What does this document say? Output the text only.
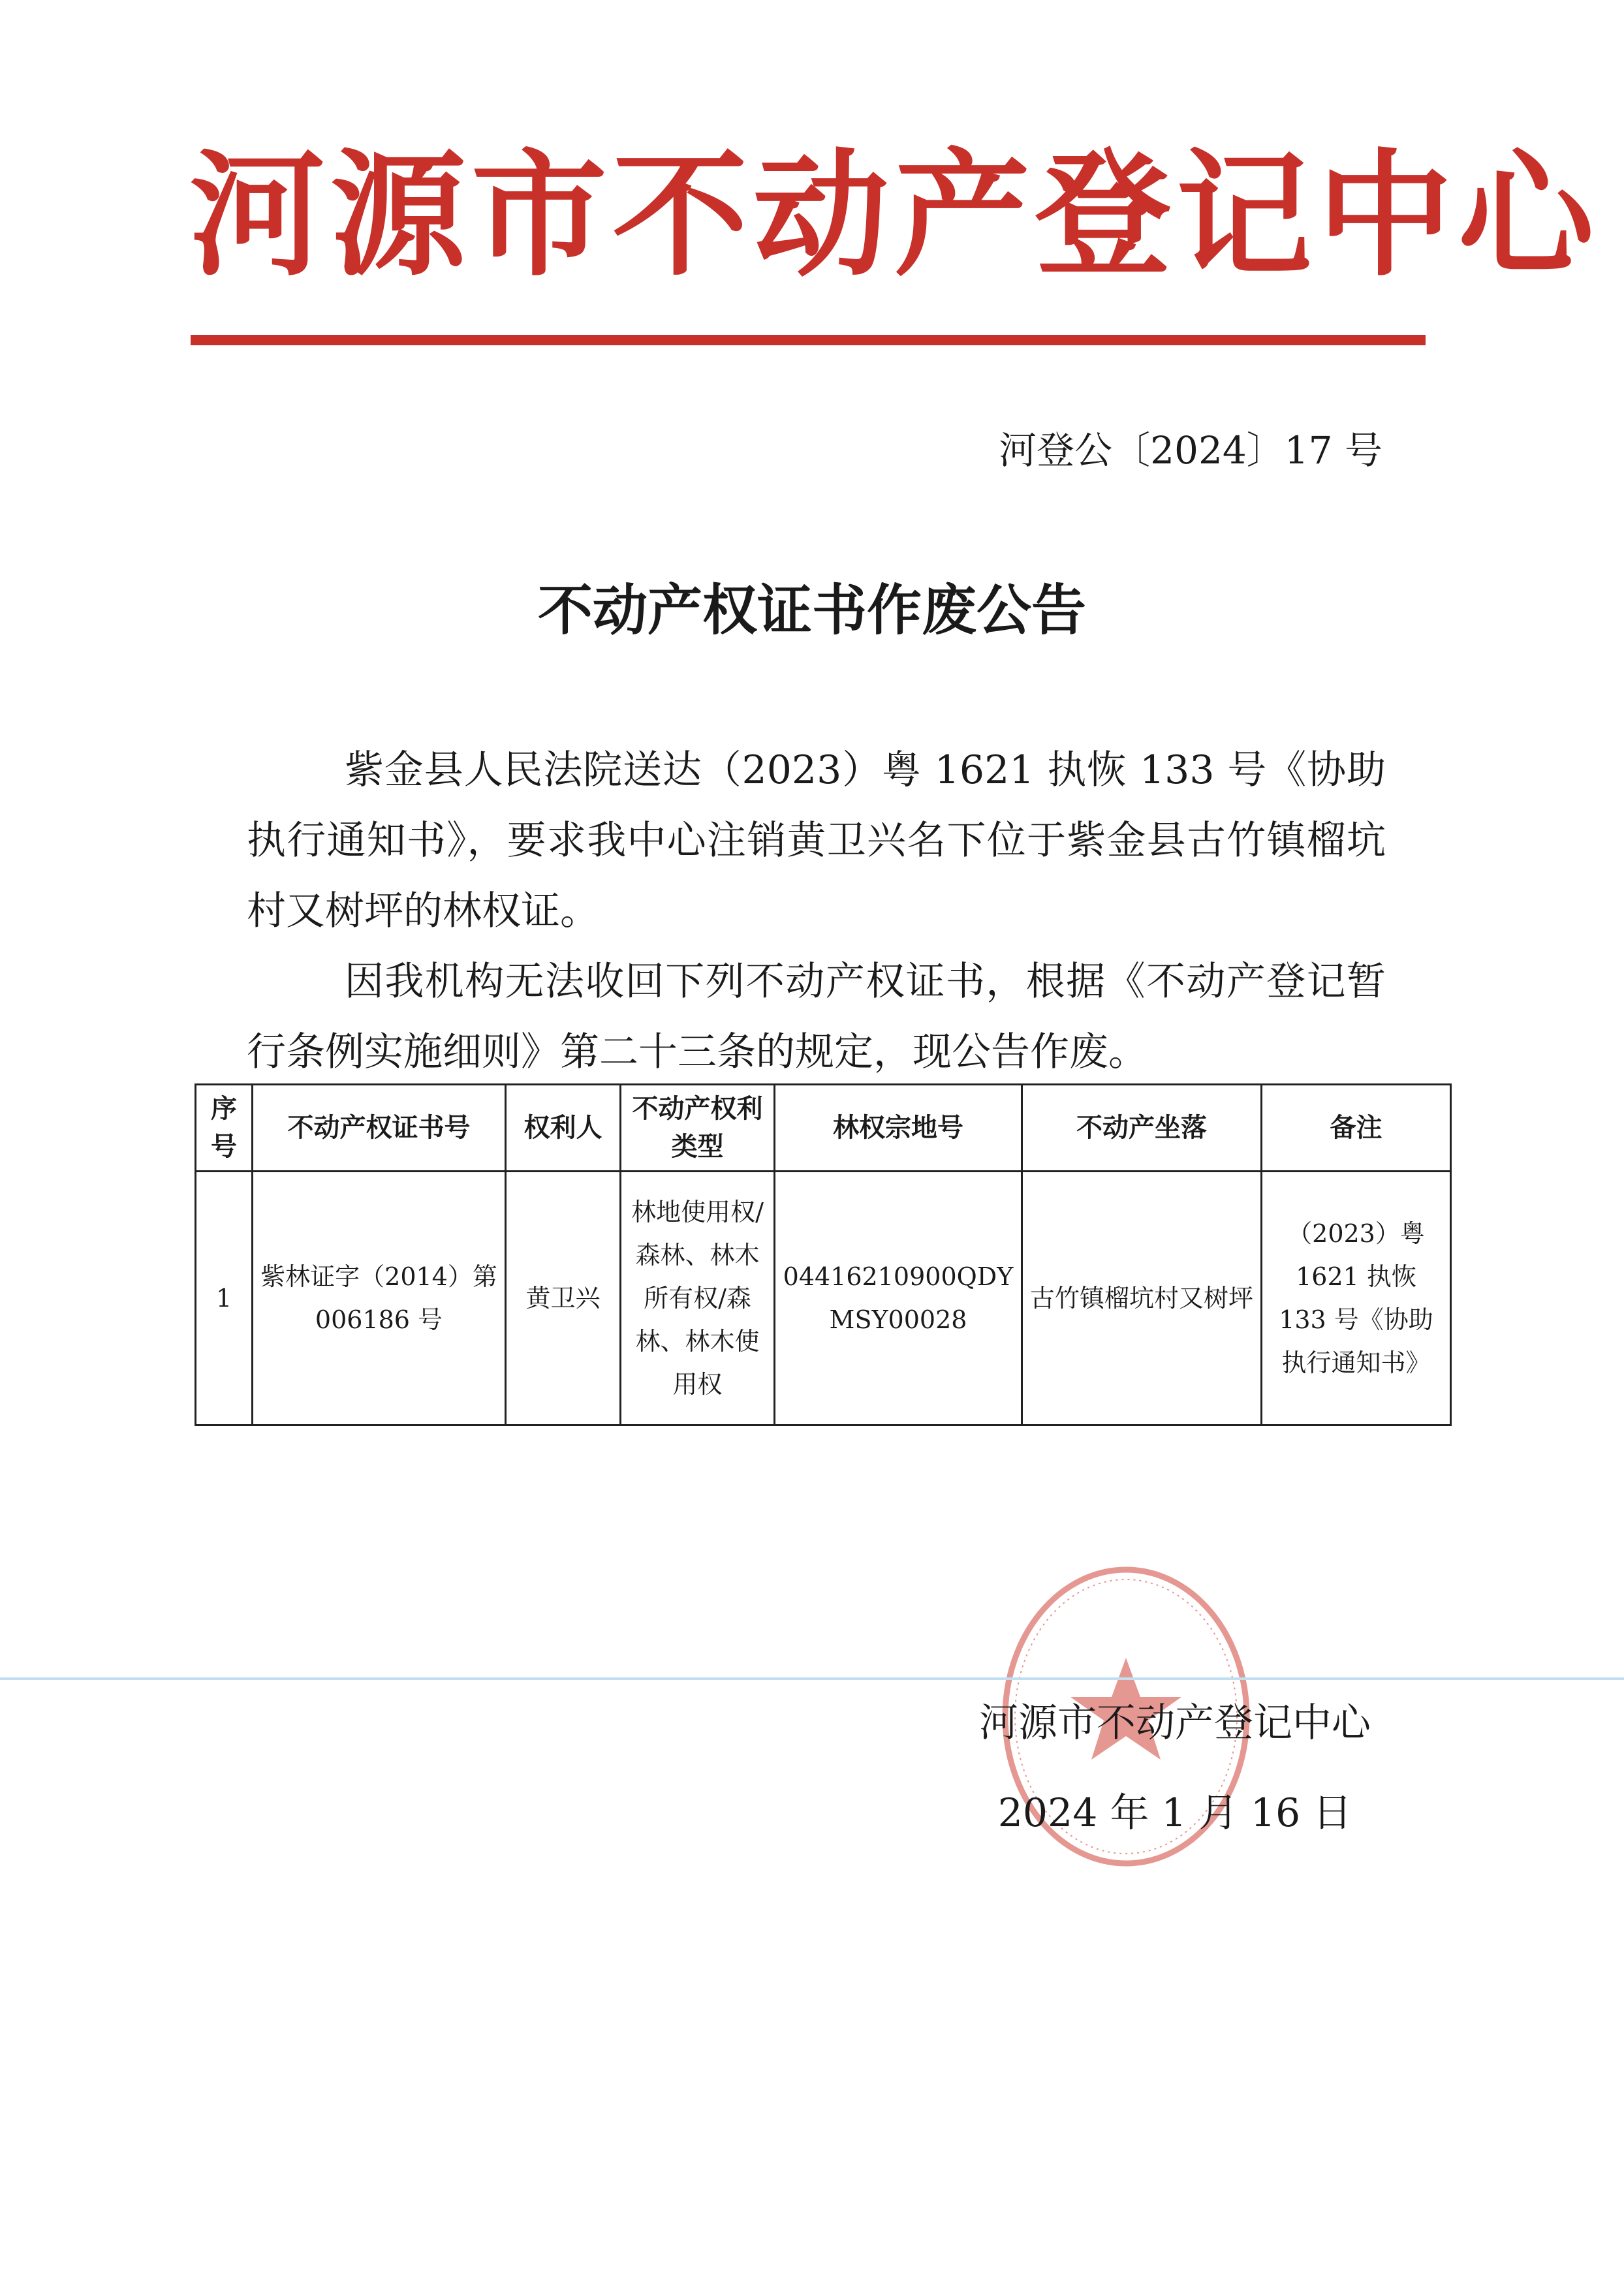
河源市不动产登记中心
河登公〔2024〕17 号
不动产权证书作废公告

紫金县人民法院送达（2023）粤 1621 执恢 133 号《协助执行通知书》，要求我中心注销黄卫兴名下位于紫金县古竹镇榴坑村又树坪的林权证。

因我机构无法收回下列不动产权证书，根据《不动产登记暂行条例实施细则》第二十三条的规定，现公告作废。

序号	不动产权证书号	权利人	不动产权利类型	林权宗地号	不动产坐落	备注
1	紫林证字（2014）第 006186 号	黄卫兴	林地使用权/森林、林木所有权/森林、林木使用权	04416210900QDYMSY00028	古竹镇榴坑村又树坪	（2023）粤 1621 执恢 133 号《协助执行通知书》
河源市不动产登记中心
2024 年 1 月 16 日
